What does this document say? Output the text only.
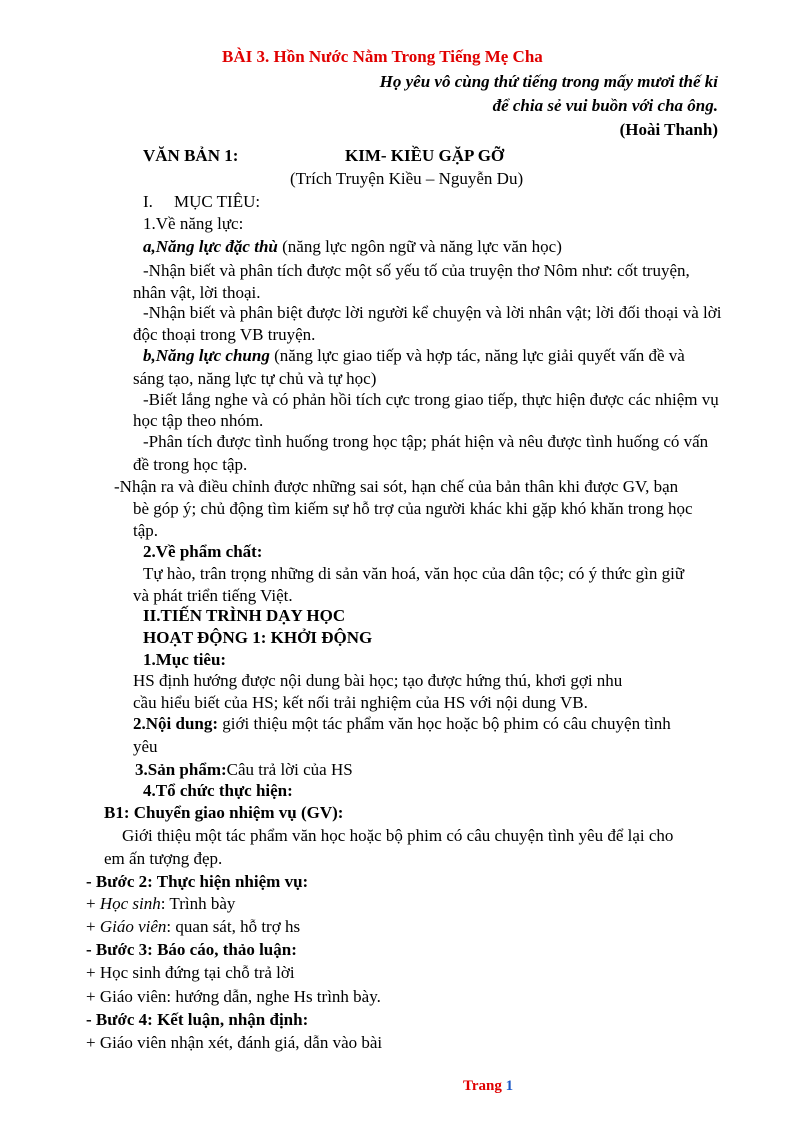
BÀI 3. Hồn Nước Nằm Trong Tiếng Mẹ Cha
Họ yêu vô cùng thứ tiếng trong mấy mươi thế kỉ
để chia sẻ vui buồn với cha ông.
(Hoài Thanh)
VĂN BẢN 1:	KIM- KIỀU GẶP GỠ
(Trích Truyện Kiều – Nguyễn Du)
I. MỤC TIÊU:
1.Về năng lực:
a,Năng lực đặc thù (năng lực ngôn ngữ và năng lực văn học)
-Nhận biết và phân tích được một số yếu tố của truyện thơ Nôm như: cốt truyện,
nhân vật, lời thoại.
-Nhận biết và phân biệt được lời người kể chuyện và lời nhân vật; lời đối thoại và lời
độc thoại trong VB truyện.
b,Năng lực chung (năng lực giao tiếp và hợp tác, năng lực giải quyết vấn đề và
sáng tạo, năng lực tự chủ và tự học)
-Biết lắng nghe và có phản hồi tích cực trong giao tiếp, thực hiện được các nhiệm vụ
học tập theo nhóm.
-Phân tích được tình huống trong học tập; phát hiện và nêu được tình huống có vấn
đề trong học tập.
-Nhận ra và điều chỉnh được những sai sót, hạn chế của bản thân khi được GV, bạn
bè góp ý; chủ động tìm kiếm sự hỗ trợ của người khác khi gặp khó khăn trong học
tập.
2.Về phẩm chất:
Tự hào, trân trọng những di sản văn hoá, văn học của dân tộc; có ý thức gìn giữ
và phát triển tiếng Việt.
II.TIẾN TRÌNH DẠY HỌC
HOẠT ĐỘNG 1: KHỞI ĐỘNG
1.Mục tiêu:
HS định hướng được nội dung bài học; tạo được hứng thú, khơi gợi nhu
cầu hiểu biết của HS; kết nối trải nghiệm của HS với nội dung VB.
2.Nội dung: giới thiệu một tác phẩm văn học hoặc bộ phim có câu chuyện tình
yêu
3.Sản phẩm:Câu trả lời của HS
4.Tổ chức thực hiện:
B1: Chuyển giao nhiệm vụ (GV):
Giới thiệu một tác phẩm văn học hoặc bộ phim có câu chuyện tình yêu để lại cho
em ấn tượng đẹp.
- Bước 2: Thực hiện nhiệm vụ:
+ Học sinh: Trình bày
+ Giáo viên: quan sát, hỗ trợ hs
- Bước 3: Báo cáo, thảo luận:
+ Học sinh đứng tại chỗ trả lời
+ Giáo viên: hướng dẫn, nghe Hs trình bày.
- Bước 4: Kết luận, nhận định:
+ Giáo viên nhận xét, đánh giá, dẫn vào bài
Trang 1
